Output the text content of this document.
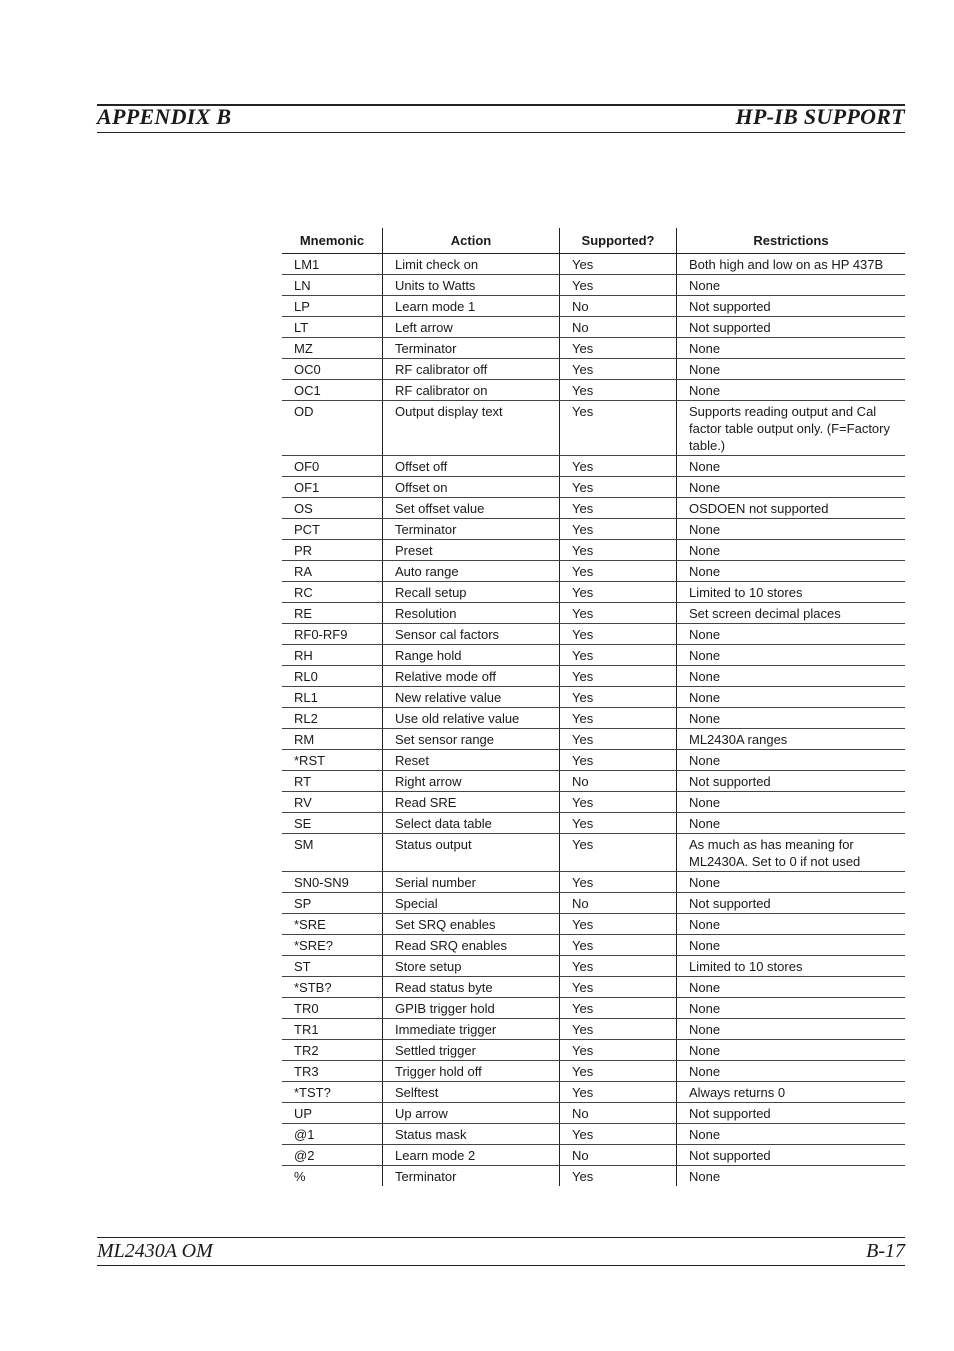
APPENDIX B	HP-IB SUPPORT
Mnemonic	Action	Supported?	Restrictions
LM1	Limit check on	Yes	Both high and low on as HP 437B
LN	Units to Watts	Yes	None
LP	Learn mode 1	No	Not supported
LT	Left arrow	No	Not supported
MZ	Terminator	Yes	None
OC0	RF calibrator off	Yes	None
OC1	RF calibrator on	Yes	None
OD	Output display text	Yes	Supports reading output and Cal factor table output only. (F=Factory table.)
OF0	Offset off	Yes	None
OF1	Offset on	Yes	None
OS	Set offset value	Yes	OSDOEN not supported
PCT	Terminator	Yes	None
PR	Preset	Yes	None
RA	Auto range	Yes	None
RC	Recall setup	Yes	Limited to 10 stores
RE	Resolution	Yes	Set screen decimal places
RF0-RF9	Sensor cal factors	Yes	None
RH	Range hold	Yes	None
RL0	Relative mode off	Yes	None
RL1	New relative value	Yes	None
RL2	Use old relative value	Yes	None
RM	Set sensor range	Yes	ML2430A ranges
*RST	Reset	Yes	None
RT	Right arrow	No	Not supported
RV	Read SRE	Yes	None
SE	Select data table	Yes	None
SM	Status output	Yes	As much as has meaning for ML2430A. Set to 0 if not used
SN0-SN9	Serial number	Yes	None
SP	Special	No	Not supported
*SRE	Set SRQ enables	Yes	None
*SRE?	Read SRQ enables	Yes	None
ST	Store setup	Yes	Limited to 10 stores
*STB?	Read status byte	Yes	None
TR0	GPIB trigger hold	Yes	None
TR1	Immediate trigger	Yes	None
TR2	Settled trigger	Yes	None
TR3	Trigger hold off	Yes	None
*TST?	Selftest	Yes	Always returns 0
UP	Up arrow	No	Not supported
@1	Status mask	Yes	None
@2	Learn mode 2	No	Not supported
%	Terminator	Yes	None
ML2430A OM	B-17
